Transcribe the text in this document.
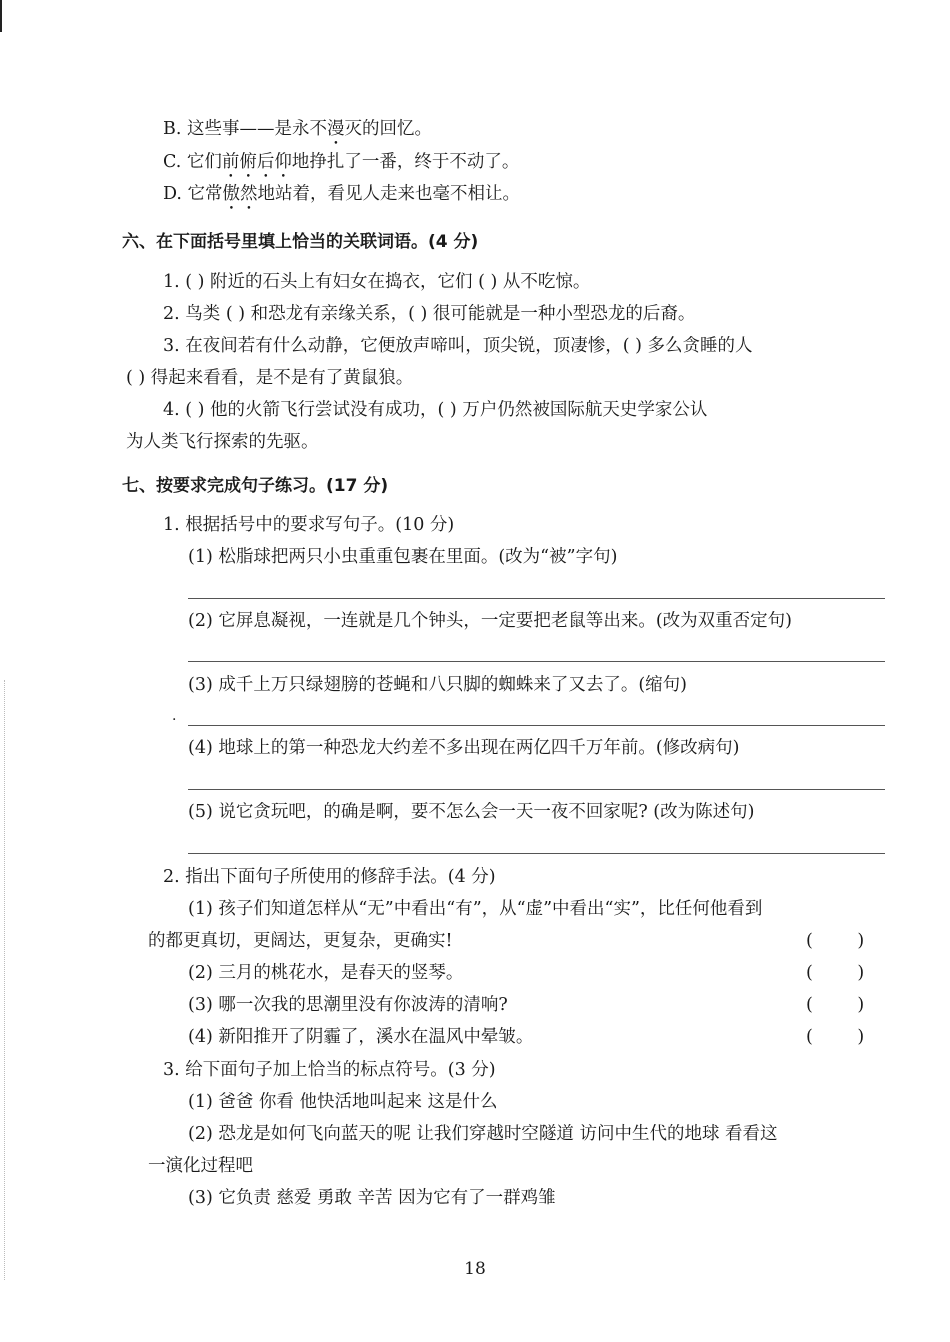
B. 这些事——是永不漫灭的回忆。
C. 它们前俯后仰地挣扎了一番，终于不动了。
D. 它常傲然地站着，看见人走来也毫不相让。
六、在下面括号里填上恰当的关联词语。(4 分)
1. ( ) 附近的石头上有妇女在捣衣，它们 ( ) 从不吃惊。
2. 鸟类 ( ) 和恐龙有亲缘关系，( ) 很可能就是一种小型恐龙的后裔。
3. 在夜间若有什么动静，它便放声啼叫，顶尖锐，顶凄惨，( ) 多么贪睡的人
( ) 得起来看看，是不是有了黄鼠狼。
4. ( ) 他的火箭飞行尝试没有成功，( ) 万户仍然被国际航天史学家公认
为人类飞行探索的先驱。
七、按要求完成句子练习。(17 分)
1. 根据括号中的要求写句子。(10 分)
(1) 松脂球把两只小虫重重包裹在里面。(改为“被”字句)
(2) 它屏息凝视，一连就是几个钟头，一定要把老鼠等出来。(改为双重否定句)
(3) 成千上万只绿翅膀的苍蝇和八只脚的蜘蛛来了又去了。(缩句)
·
(4) 地球上的第一种恐龙大约差不多出现在两亿四千万年前。(修改病句)
(5) 说它贪玩吧，的确是啊，要不怎么会一天一夜不回家呢? (改为陈述句)
2. 指出下面句子所使用的修辞手法。(4 分)
(1) 孩子们知道怎样从“无”中看出“有”，从“虚”中看出“实”，比任何他看到
的都更真切，更阔达，更复杂，更确实!	(        )
(2) 三月的桃花水，是春天的竖琴。	(        )
(3) 哪一次我的思潮里没有你波涛的清响?	(        )
(4) 新阳推开了阴霾了，溪水在温风中晕皱。	(        )
3. 给下面句子加上恰当的标点符号。(3 分)
(1) 爸爸 你看 他快活地叫起来 这是什么
(2) 恐龙是如何飞向蓝天的呢 让我们穿越时空隧道 访问中生代的地球 看看这
一演化过程吧
(3) 它负责 慈爱 勇敢 辛苦 因为它有了一群鸡雏
18
